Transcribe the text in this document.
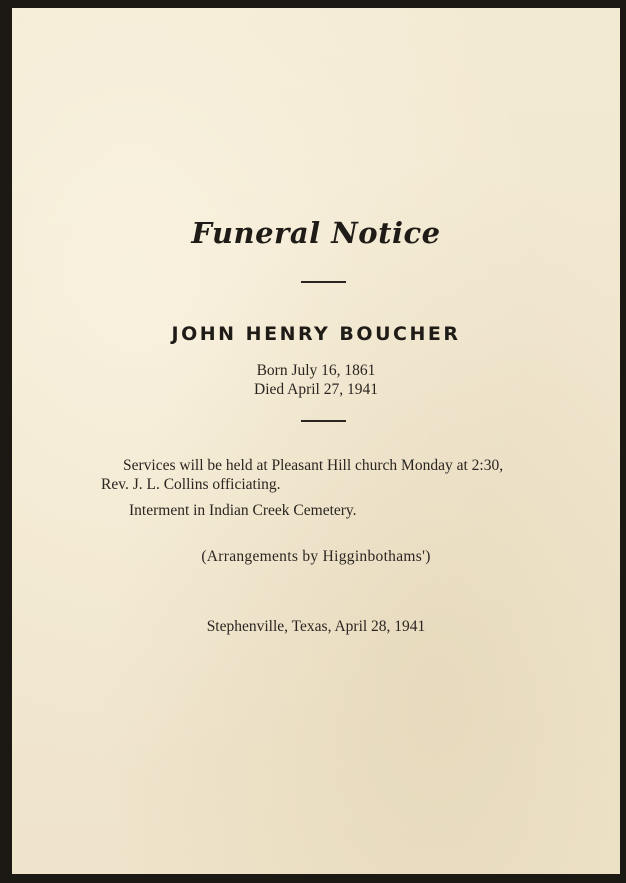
Funeral Notice
JOHN HENRY BOUCHER
Born July 16, 1861
Died April 27, 1941
Services will be held at Pleasant Hill church Monday at 2:30,
Rev. J. L. Collins officiating.
Interment in Indian Creek Cemetery.
(Arrangements by Higginbothams')
Stephenville, Texas, April 28, 1941
